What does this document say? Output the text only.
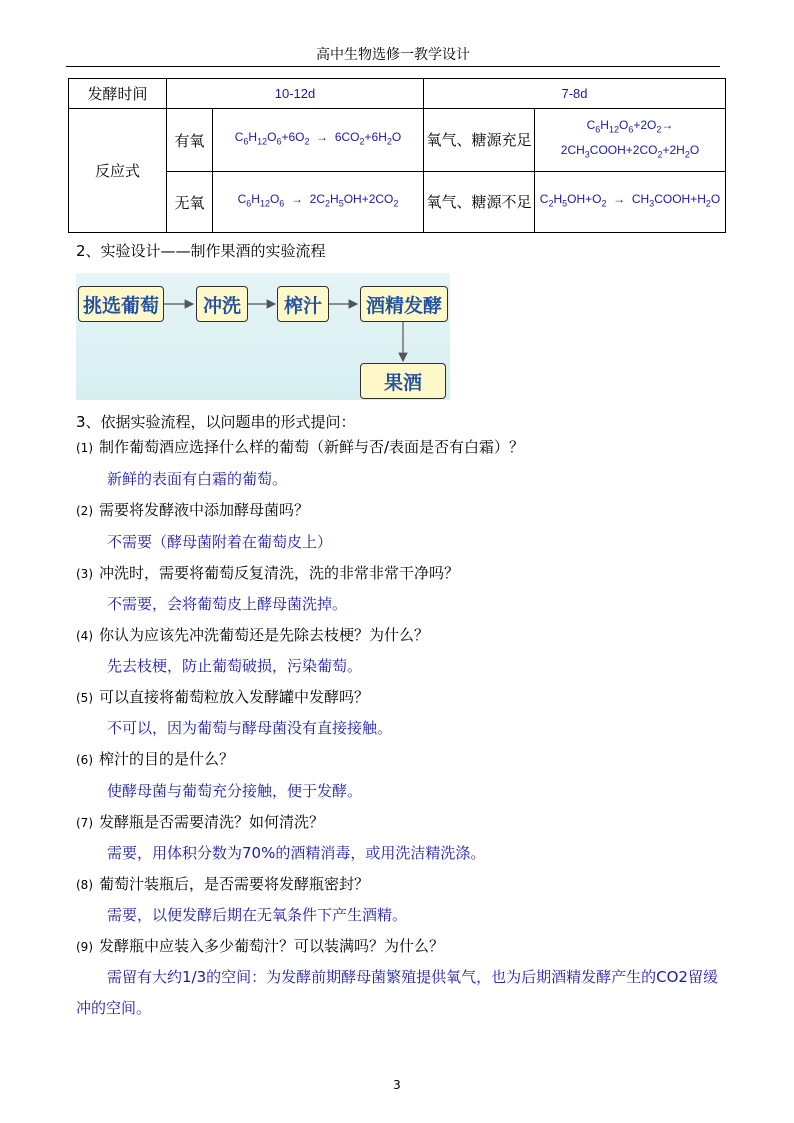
高中生物选修一教学设计
发酵时间	10-12d		7-8d	
反应式	有氧	$C_6H_{12}O_6+6O_2 \to 6CO_2+6H_2O$	氧气、糖源充足	$C_6H_{12}O_6+2O_2\to$
$2CH_3COOH+2CO_2+2H_2O$
	无氧	$C_6H_{12}O_6 \to 2C_2H_5OH+2CO_2$	氧气、糖源不足	$C_2H_5OH+O_2$  →  $CH_3COOH+H_2O$
2、实验设计——制作果酒的实验流程
挑选葡萄	冲洗	榨汁	酒精发酵
果酒
3、依据实验流程，以问题串的形式提问：
(1) 制作葡萄酒应选择什么样的葡萄（新鲜与否/表面是否有白霜）？
新鲜的表面有白霜的葡萄。
(2) 需要将发酵液中添加酵母菌吗？
不需要（酵母菌附着在葡萄皮上）
(3) 冲洗时，需要将葡萄反复清洗，洗的非常非常干净吗？
不需要，会将葡萄皮上酵母菌洗掉。
(4) 你认为应该先冲洗葡萄还是先除去枝梗？为什么？
先去枝梗，防止葡萄破损，污染葡萄。
(5) 可以直接将葡萄粒放入发酵罐中发酵吗？
不可以，因为葡萄与酵母菌没有直接接触。
(6) 榨汁的目的是什么？
使酵母菌与葡萄充分接触，便于发酵。
(7) 发酵瓶是否需要清洗？如何清洗？
需要，用体积分数为70%的酒精消毒，或用洗洁精洗涤。
(8) 葡萄汁装瓶后，是否需要将发酵瓶密封？
需要，以便发酵后期在无氧条件下产生酒精。
(9) 发酵瓶中应装入多少葡萄汁？可以装满吗？为什么？
需留有大约1/3的空间：为发酵前期酵母菌繁殖提供氧气，也为后期酒精发酵产生的CO2留缓冲的空间。
3
